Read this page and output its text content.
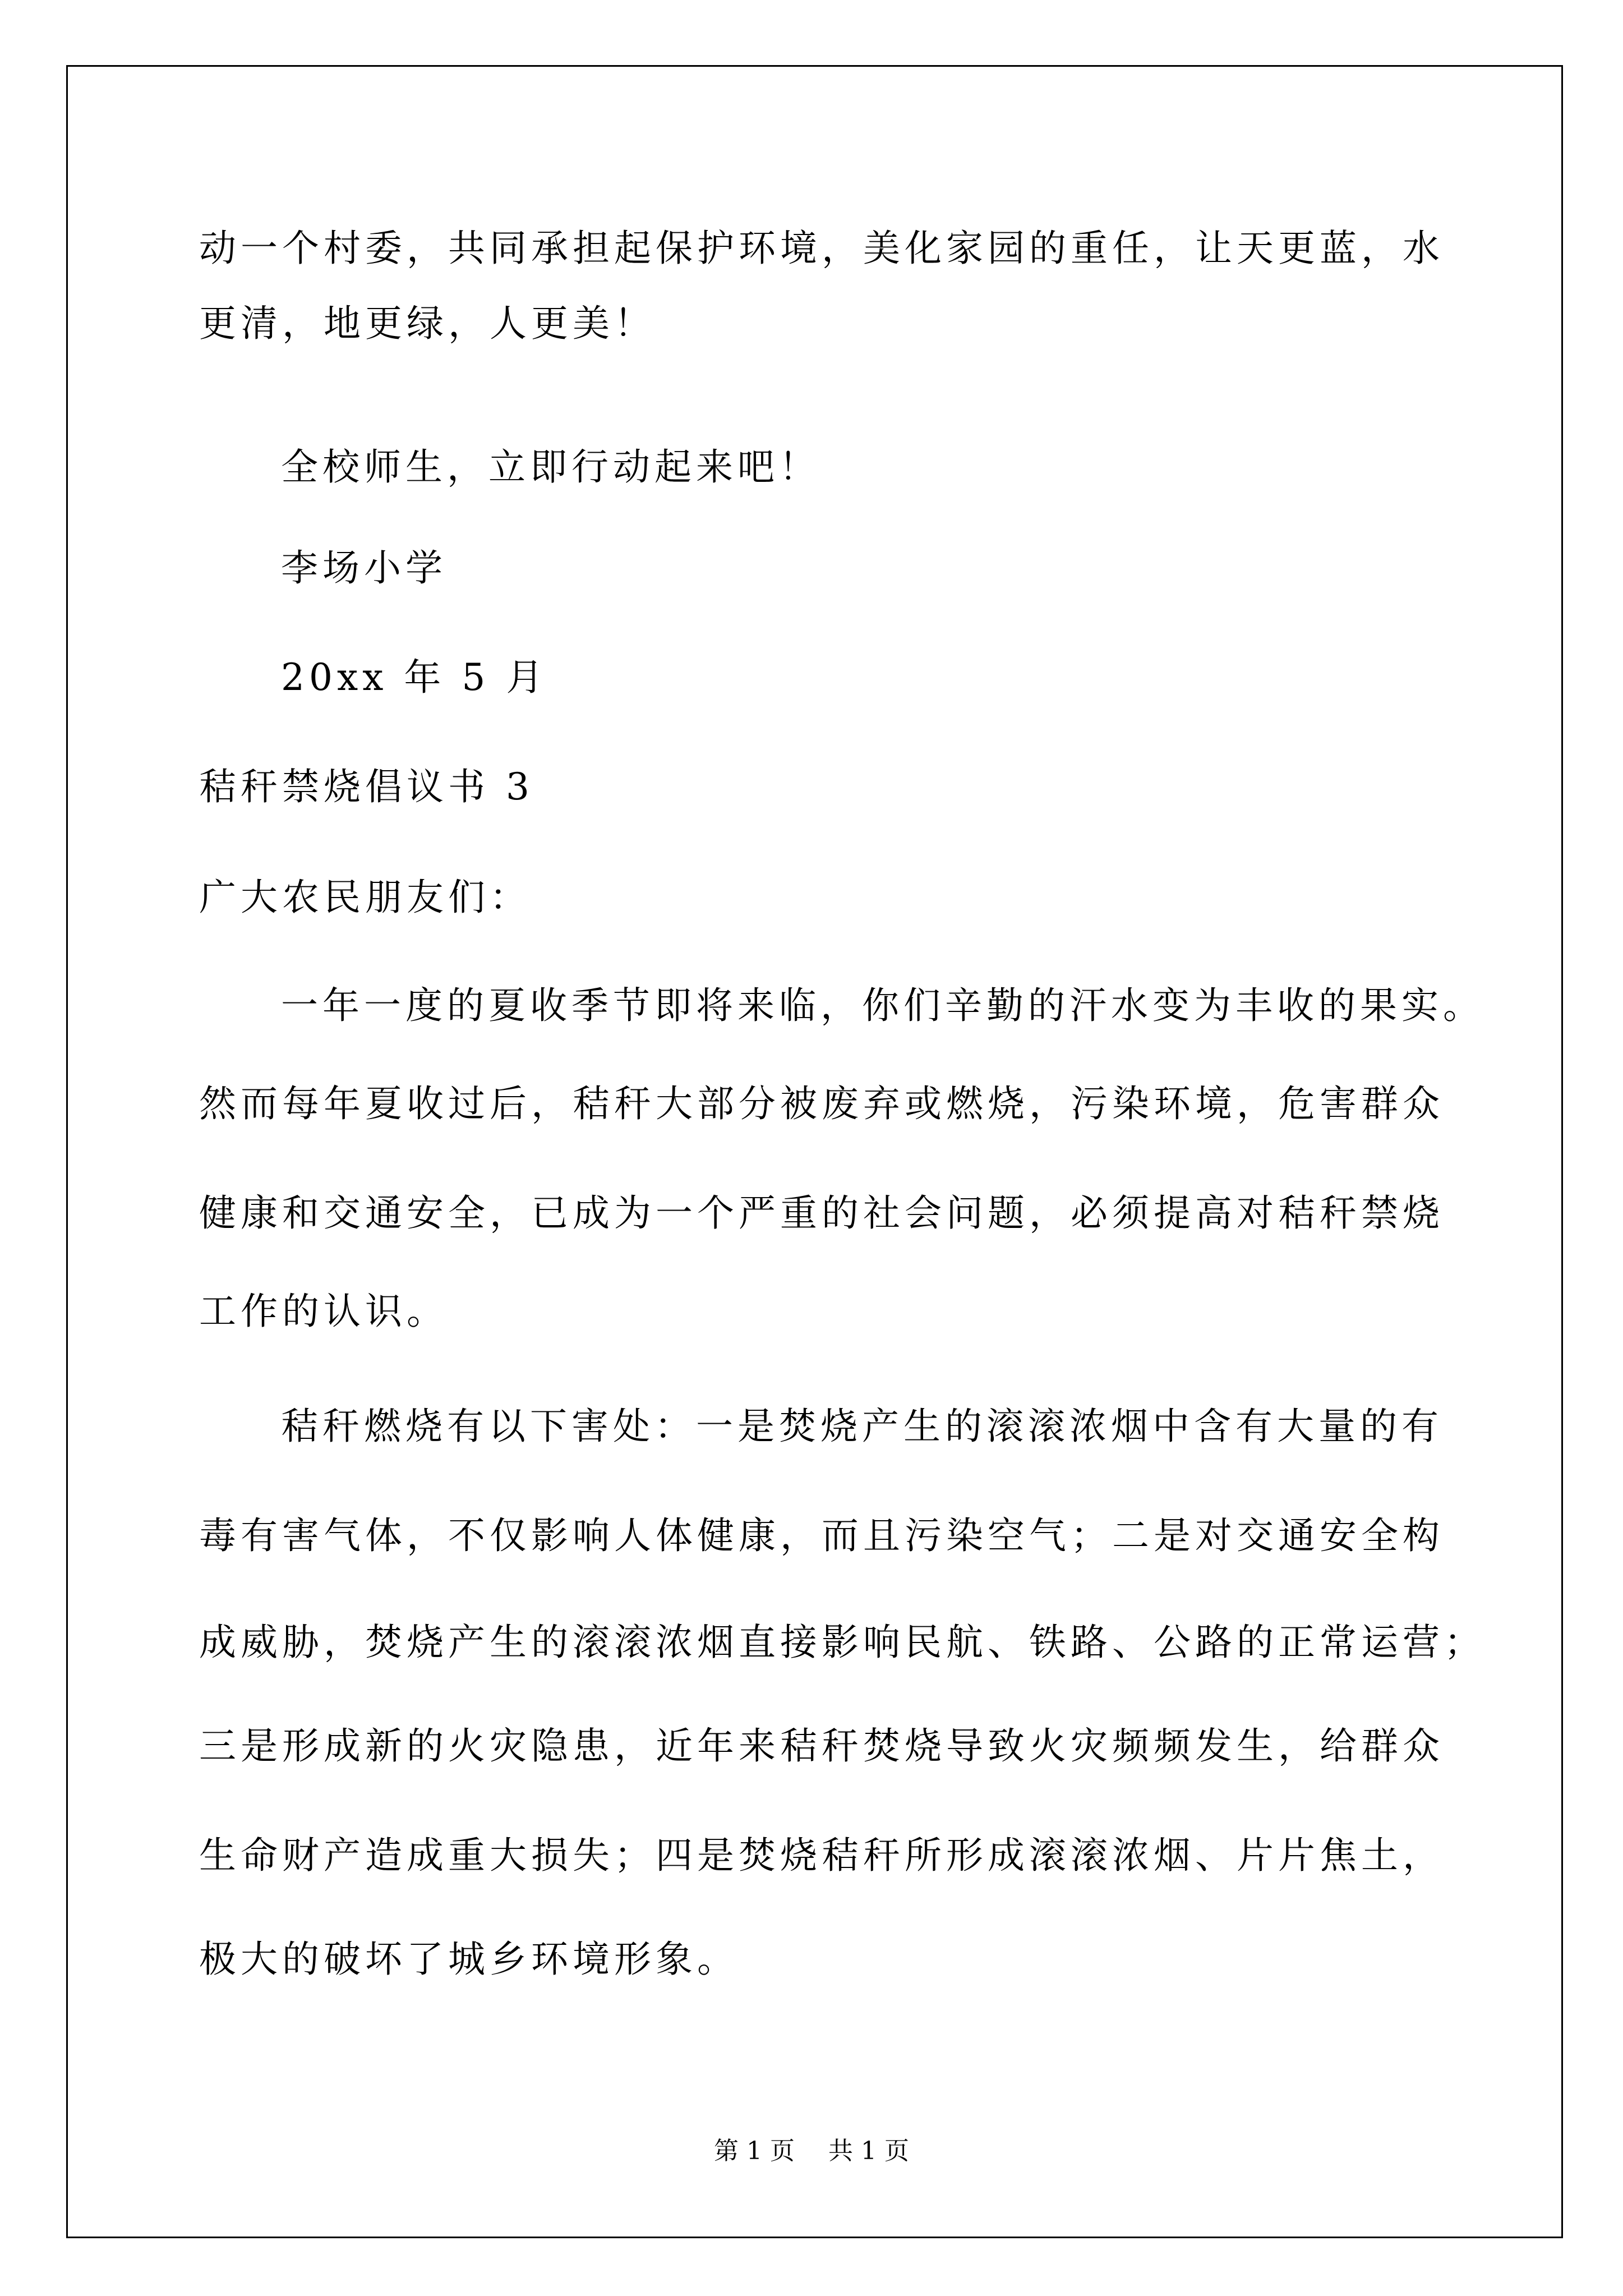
动一个村委，共同承担起保护环境，美化家园的重任，让天更蓝，水
更清，地更绿，人更美！
全校师生，立即行动起来吧！
李场小学
20xx 年 5 月
秸秆禁烧倡议书 3
广大农民朋友们：
一年一度的夏收季节即将来临，你们辛勤的汗水变为丰收的果实。
然而每年夏收过后，秸秆大部分被废弃或燃烧，污染环境，危害群众
健康和交通安全，已成为一个严重的社会问题，必须提高对秸秆禁烧
工作的认识。
秸秆燃烧有以下害处：一是焚烧产生的滚滚浓烟中含有大量的有
毒有害气体，不仅影响人体健康，而且污染空气；二是对交通安全构
成威胁，焚烧产生的滚滚浓烟直接影响民航、铁路、公路的正常运营；
三是形成新的火灾隐患，近年来秸秆焚烧导致火灾频频发生，给群众
生命财产造成重大损失；四是焚烧秸秆所形成滚滚浓烟、片片焦土，
极大的破坏了城乡环境形象。
第 1 页 共 1 页
